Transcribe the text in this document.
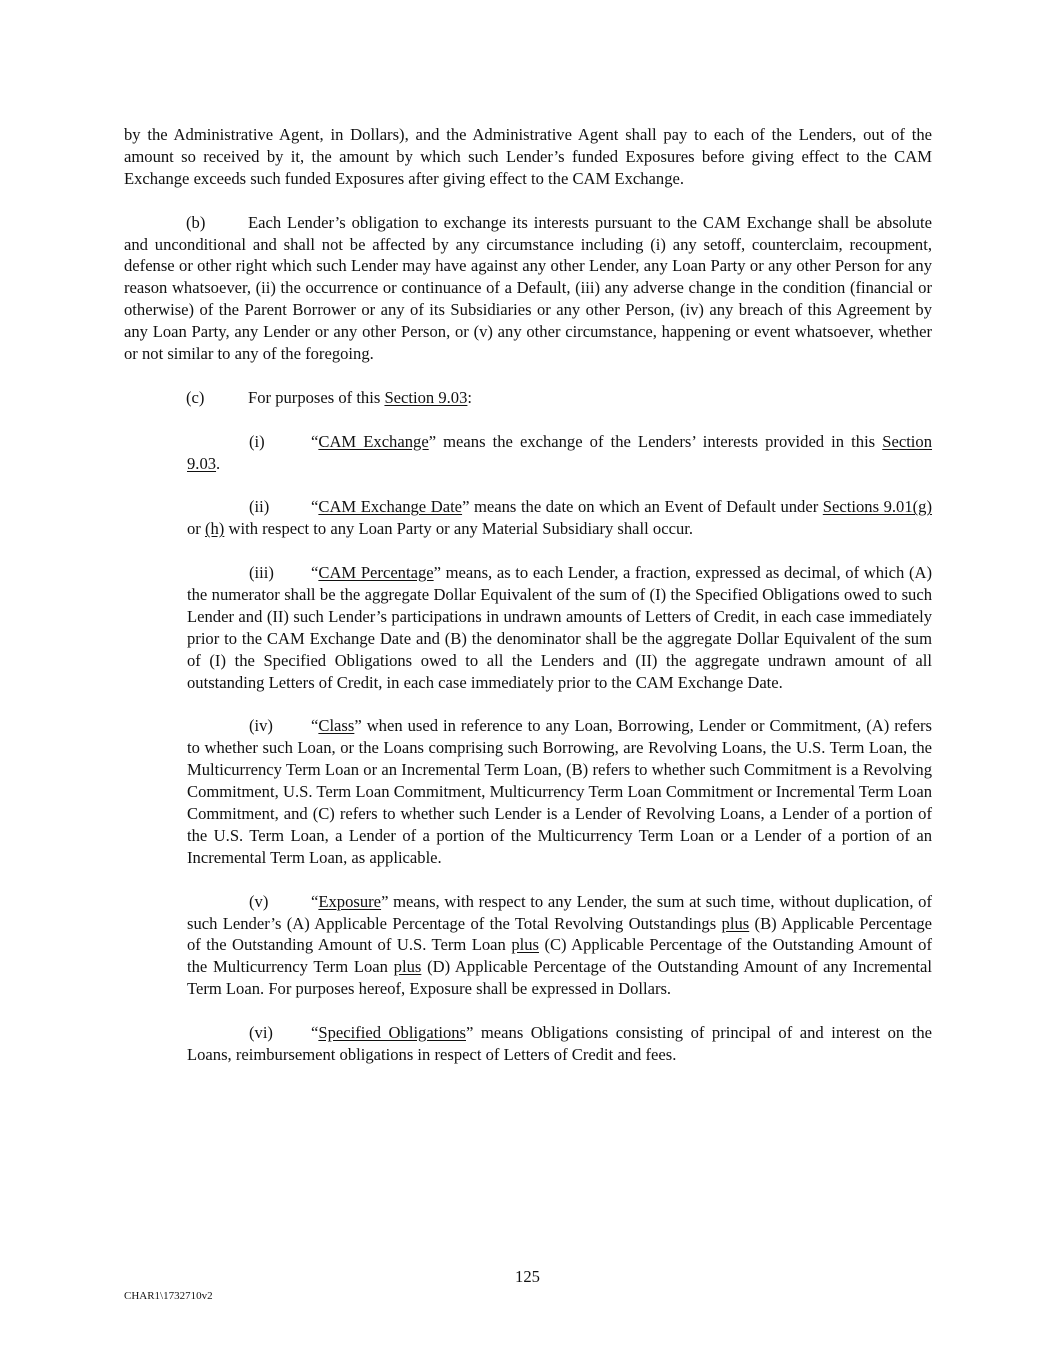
by the Administrative Agent, in Dollars), and the Administrative Agent shall pay to each of the Lenders, out of the amount so received by it, the amount by which such Lender’s funded Exposures before giving effect to the CAM Exchange exceeds such funded Exposures after giving effect to the CAM Exchange.

(b)	Each Lender’s obligation to exchange its interests pursuant to the CAM Exchange shall be absolute and unconditional and shall not be affected by any circumstance including (i) any setoff, counterclaim, recoupment, defense or other right which such Lender may have against any other Lender, any Loan Party or any other Person for any reason whatsoever, (ii) the occurrence or continuance of a Default, (iii) any adverse change in the condition (financial or otherwise) of the Parent Borrower or any of its Subsidiaries or any other Person, (iv) any breach of this Agreement by any Loan Party, any Lender or any other Person, or (v) any other circumstance, happening or event whatsoever, whether or not similar to any of the foregoing.

(c)	For purposes of this Section 9.03:

(i)	“CAM Exchange” means the exchange of the Lenders’ interests provided in this Section 9.03.

(ii)	“CAM Exchange Date” means the date on which an Event of Default under Sections 9.01(g) or (h) with respect to any Loan Party or any Material Subsidiary shall occur.

(iii) “CAM Percentage” means, as to each Lender, a fraction, expressed as decimal, of which (A) the numerator shall be the aggregate Dollar Equivalent of the sum of (I) the Specified Obligations owed to such Lender and (II) such Lender’s participations in undrawn amounts of Letters of Credit, in each case immediately prior to the CAM Exchange Date and (B) the denominator shall be the aggregate Dollar Equivalent of the sum of (I) the Specified Obligations owed to all the Lenders and (II) the aggregate undrawn amount of all outstanding Letters of Credit, in each case immediately prior to the CAM Exchange Date.

(iv) “Class” when used in reference to any Loan, Borrowing, Lender or Commitment, (A) refers to whether such Loan, or the Loans comprising such Borrowing, are Revolving Loans, the U.S. Term Loan, the Multicurrency Term Loan or an Incremental Term Loan, (B) refers to whether such Commitment is a Revolving Commitment, U.S. Term Loan Commitment, Multicurrency Term Loan Commitment or Incremental Term Loan Commitment, and (C) refers to whether such Lender is a Lender of Revolving Loans, a Lender of a portion of the U.S. Term Loan, a Lender of a portion of the Multicurrency Term Loan or a Lender of a portion of an Incremental Term Loan, as applicable.

(v)	“Exposure” means, with respect to any Lender, the sum at such time, without duplication, of such Lender’s (A) Applicable Percentage of the Total Revolving Outstandings plus (B) Applicable Percentage of the Outstanding Amount of U.S. Term Loan plus (C) Applicable Percentage of the Outstanding Amount of the Multicurrency Term Loan plus (D) Applicable Percentage of the Outstanding Amount of any Incremental Term Loan. For purposes hereof, Exposure shall be expressed in Dollars.

(vi) “Specified Obligations” means Obligations consisting of principal of and interest on the Loans, reimbursement obligations in respect of Letters of Credit and fees.

125
CHAR1\1732710v2
